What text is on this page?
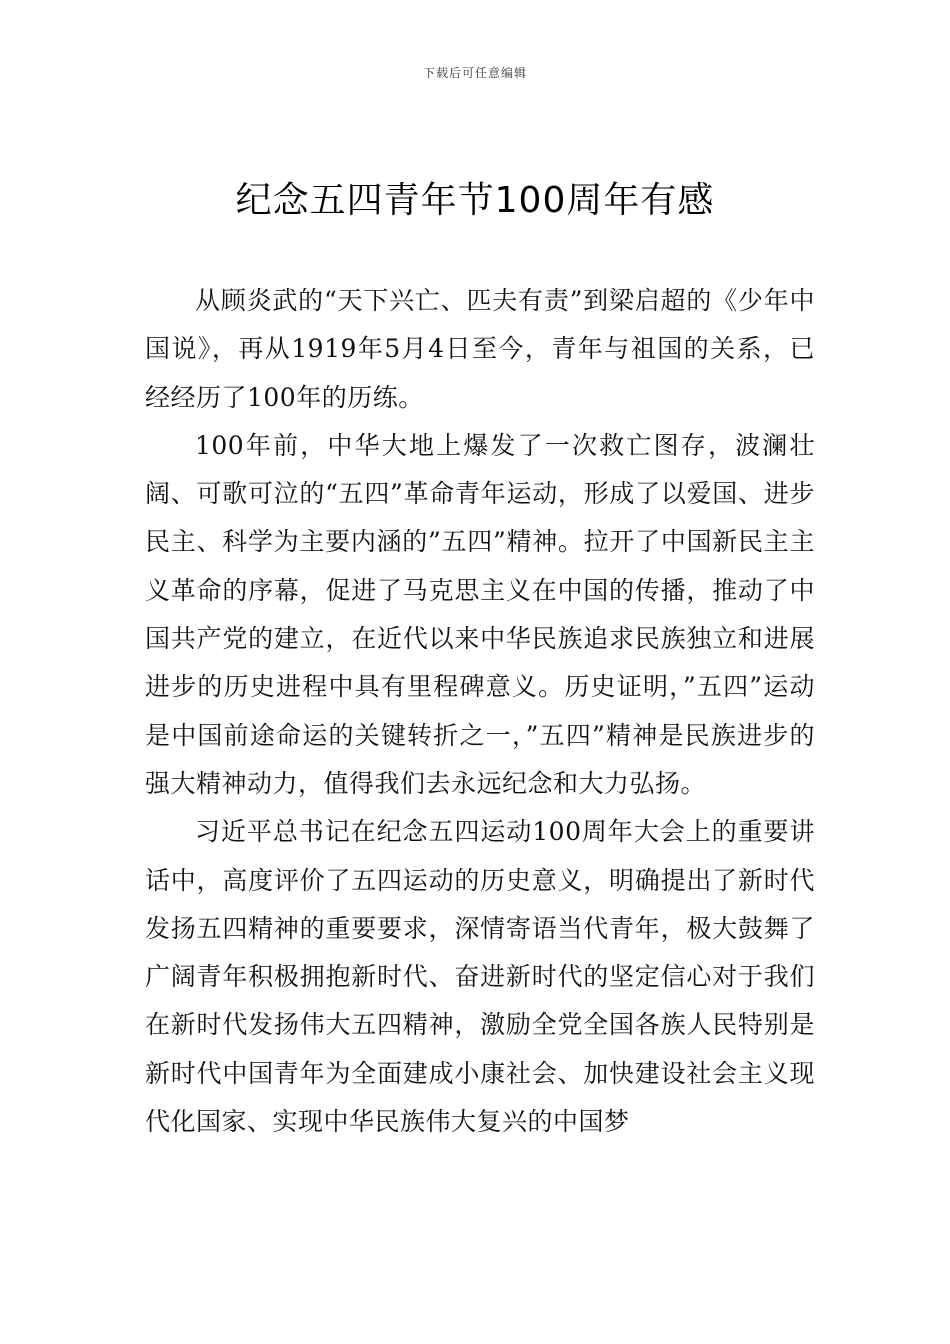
下载后可任意编辑
纪念五四青年节100周年有感

从顾炎武的“天下兴亡、匹夫有责”到梁启超的《少年中国说》，再从1919年5月4日至今，青年与祖国的关系，已经经历了100年的历练。

100年前，中华大地上爆发了一次救亡图存，波澜壮阔、可歌可泣的“五四”革命青年运动，形成了以爱国、进步民主、科学为主要内涵的”五四”精神。拉开了中国新民主主义革命的序幕，促进了马克思主义在中国的传播，推动了中国共产党的建立，在近代以来中华民族追求民族独立和进展进步的历史进程中具有里程碑意义。历史证明，”五四”运动是中国前途命运的关键转折之一，”五四”精神是民族进步的强大精神动力，值得我们去永远纪念和大力弘扬。

习近平总书记在纪念五四运动100周年大会上的重要讲话中，高度评价了五四运动的历史意义，明确提出了新时代发扬五四精神的重要要求，深情寄语当代青年，极大鼓舞了广阔青年积极拥抱新时代、奋进新时代的坚定信心对于我们在新时代发扬伟大五四精神，激励全党全国各族人民特别是新时代中国青年为全面建成小康社会、加快建设社会主义现代化国家、实现中华民族伟大复兴的中国梦
